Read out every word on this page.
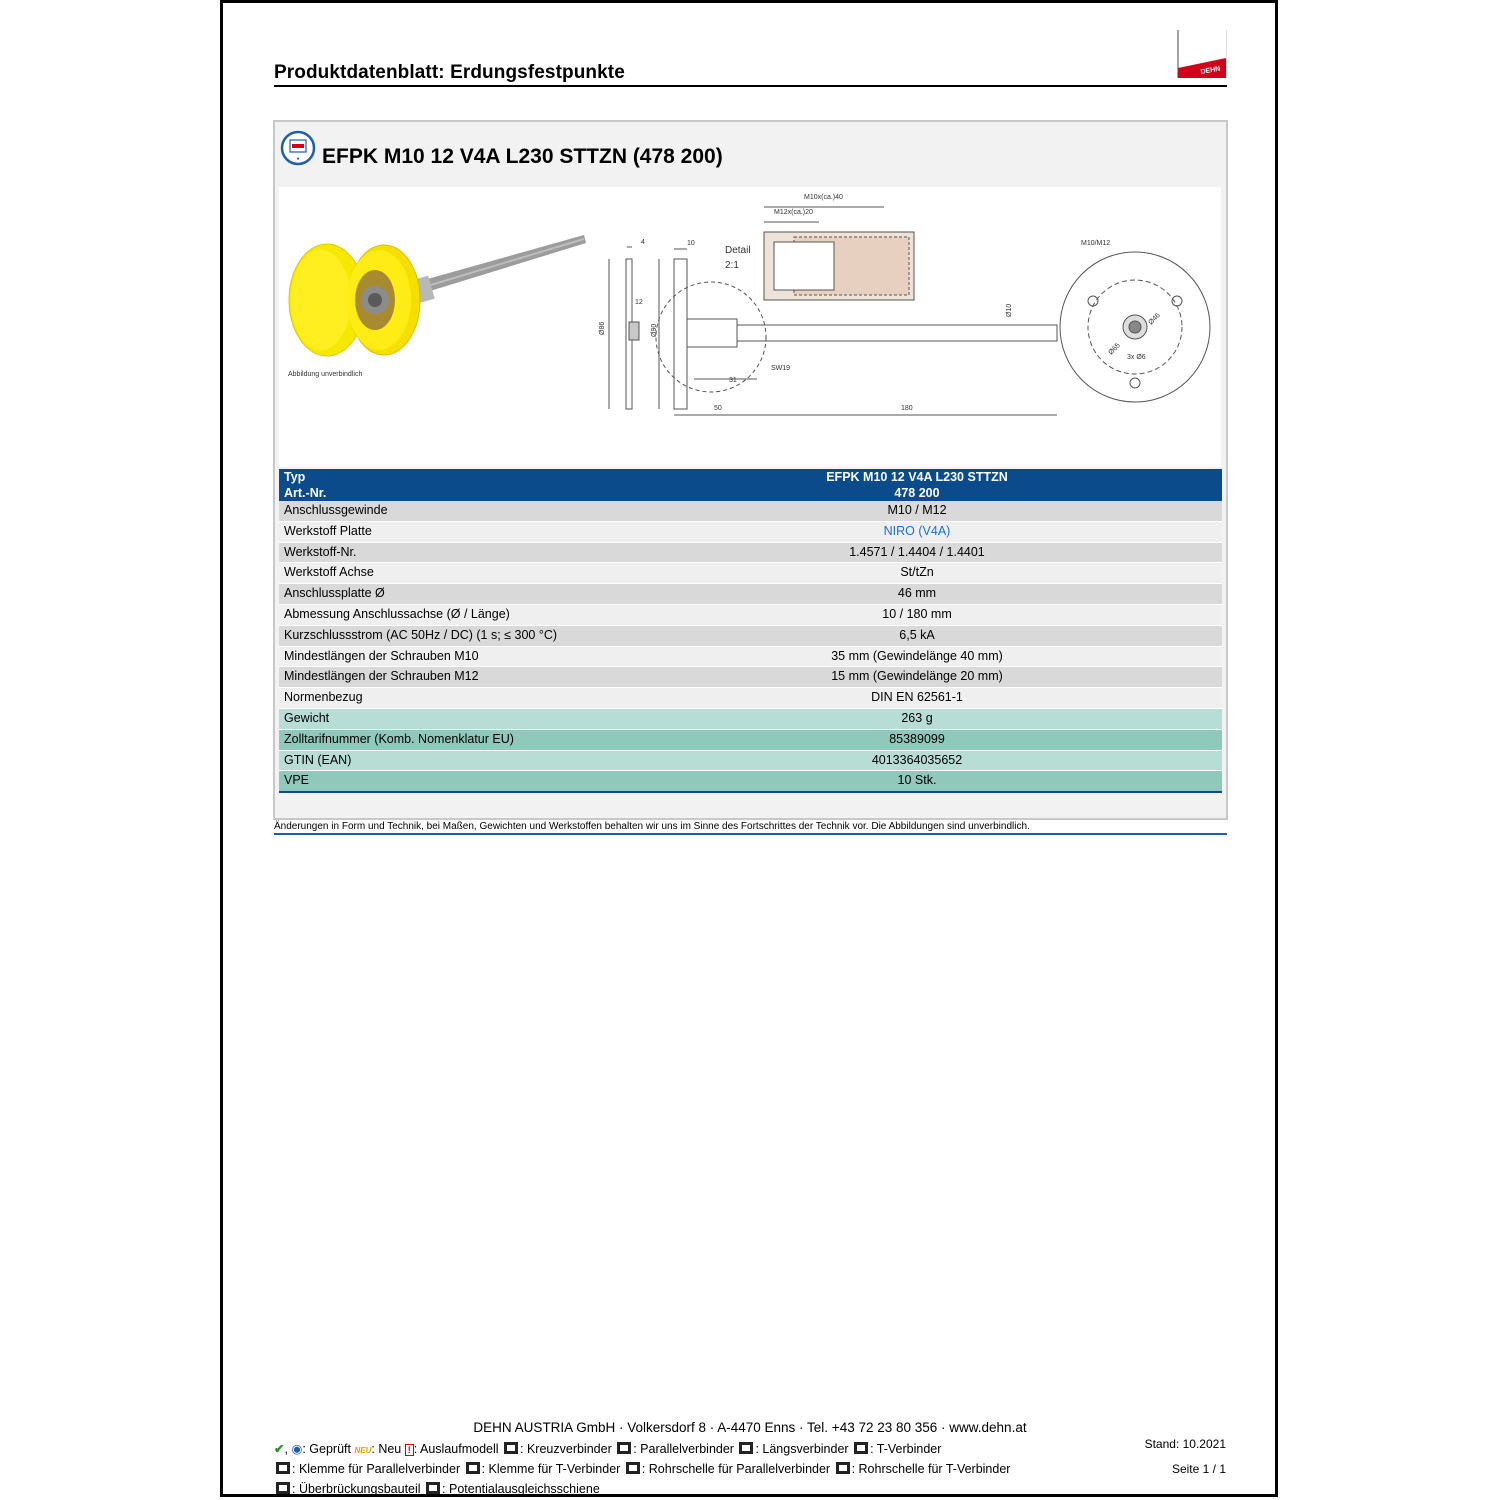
Produktdatenblatt: Erdungsfestpunkte	DEHN
● EFPK M10 12 V4A L230 STTZN (478 200)
4	10
12
Ø86	Ø90
31
SW19
50	180
Ø10
M10x(ca.)40
M12x(ca.)20
M10/M12
Ø46
Ø65
3x Ø6
Detail
2:1
Abbildung unverbindlich
Typ	EFPK M10 12 V4A L230 STTZN
Art.-Nr.	478 200
Anschlussgewinde	M10 / M12
Werkstoff Platte	NIRO (V4A)
Werkstoff-Nr.	1.4571 / 1.4404 / 1.4401
Werkstoff Achse	St/tZn
Anschlussplatte Ø	46 mm
Abmessung Anschlussachse (Ø / Länge)	10 / 180 mm
Kurzschlussstrom (AC 50Hz / DC) (1 s; ≤ 300 °C)	6,5 kA
Mindestlängen der Schrauben M10	35 mm (Gewindelänge 40 mm)
Mindestlängen der Schrauben M12	15 mm (Gewindelänge 20 mm)
Normenbezug	DIN EN 62561-1
Gewicht	263 g
Zolltarifnummer (Komb. Nomenklatur EU)	85389099
GTIN (EAN)	4013364035652
VPE	10 Stk.
Änderungen in Form und Technik, bei Maßen, Gewichten und Werkstoffen behalten wir uns im Sinne des Fortschrittes der Technik vor. Die Abbildungen sind unverbindlich.
DEHN AUSTRIA GmbH · Volkersdorf 8 · A-4470 Enns · Tel. +43 72 23 80 356 · www.dehn.at
Stand: 10.2021
Seite 1 / 1
✔, ◉: Geprüft NEU: Neu ! : Auslaufmodell : Kreuzverbinder : Parallelverbinder : Längsverbinder : T-Verbinder
: Klemme für Parallelverbinder : Klemme für T-Verbinder : Rohrschelle für Parallelverbinder : Rohrschelle für T-Verbinder
: Überbrückungsbauteil : Potentialausgleichsschiene
